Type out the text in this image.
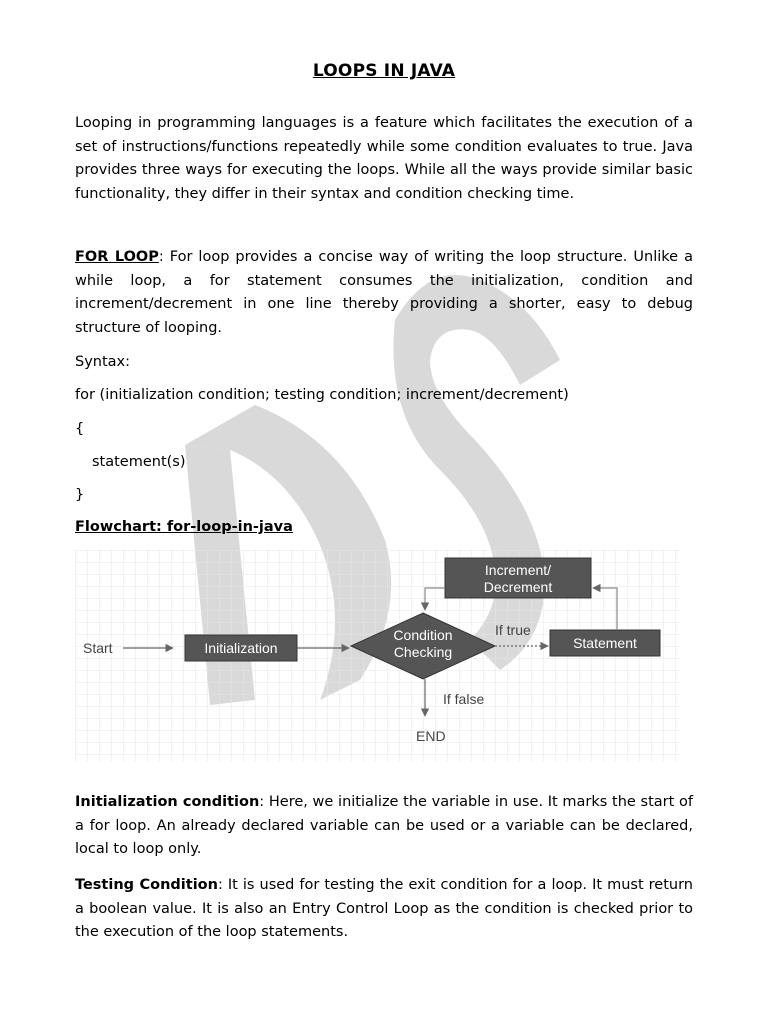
LOOPS IN JAVA
Looping in programming languages is a feature which facilitates the execution of a set of instructions/functions repeatedly while some condition evaluates to true. Java provides three ways for executing the loops. While all the ways provide similar basic functionality, they differ in their syntax and condition checking time.
FOR LOOP: For loop provides a concise way of writing the loop structure. Unlike a while loop, a for statement consumes the initialization, condition and increment/decrement in one line thereby providing a shorter, easy to debug structure of looping.
Syntax:
for (initialization condition; testing condition; increment/decrement)
{
statement(s)
}
Flowchart: for-loop-in-java
Initialization condition: Here, we initialize the variable in use. It marks the start of a for loop. An already declared variable can be used or a variable can be declared, local to loop only.
Testing Condition: It is used for testing the exit condition for a loop. It must return a boolean value. It is also an Entry Control Loop as the condition is checked prior to the execution of the loop statements.
Start	Initialization
Condition
Checking
If true
Statement
Increment/
Decrement
If false
END
